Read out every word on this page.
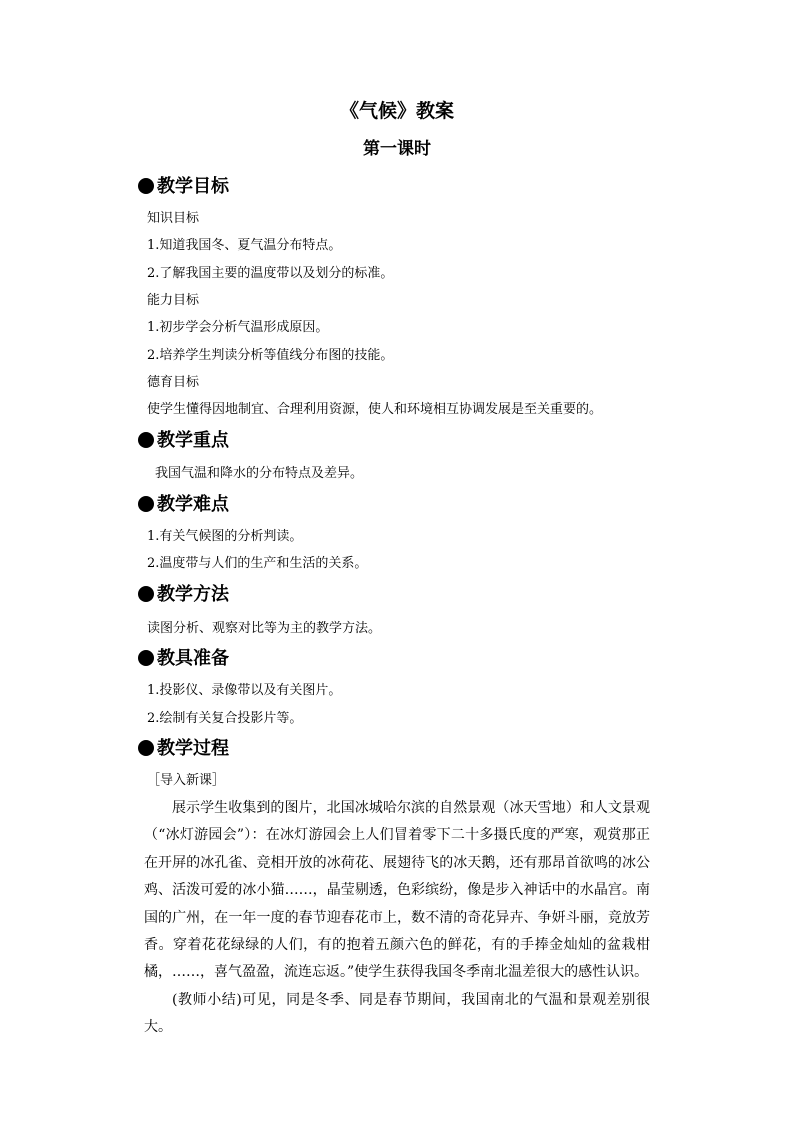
《气候》教案
第一课时
教学目标
知识目标
1.知道我国冬、夏气温分布特点。
2.了解我国主要的温度带以及划分的标准。
能力目标
1.初步学会分析气温形成原因。
2.培养学生判读分析等值线分布图的技能。
德育目标
使学生懂得因地制宜、合理利用资源，使人和环境相互协调发展是至关重要的。
教学重点
我国气温和降水的分布特点及差异。
教学难点
1.有关气候图的分析判读。
2.温度带与人们的生产和生活的关系。
教学方法
读图分析、观察对比等为主的教学方法。
教具准备
1.投影仪、录像带以及有关图片。
2.绘制有关复合投影片等。
教学过程
［导入新课］

展示学生收集到的图片，北国冰城哈尔滨的自然景观（冰天雪地）和人文景观（“冰灯游园会”）：在冰灯游园会上人们冒着零下二十多摄氏度的严寒，观赏那正在开屏的冰孔雀、竞相开放的冰荷花、展翅待飞的冰天鹅，还有那昂首欲鸣的冰公鸡、活泼可爱的冰小猫……，晶莹剔透，色彩缤纷，像是步入神话中的水晶宫。南国的广州，在一年一度的春节迎春花市上，数不清的奇花异卉、争妍斗丽，竞放芳香。穿着花花绿绿的人们，有的抱着五颜六色的鲜花，有的手捧金灿灿的盆栽柑橘，……，喜气盈盈，流连忘返。”使学生获得我国冬季南北温差很大的感性认识。

(教师小结)可见，同是冬季、同是春节期间，我国南北的气温和景观差别很大。
